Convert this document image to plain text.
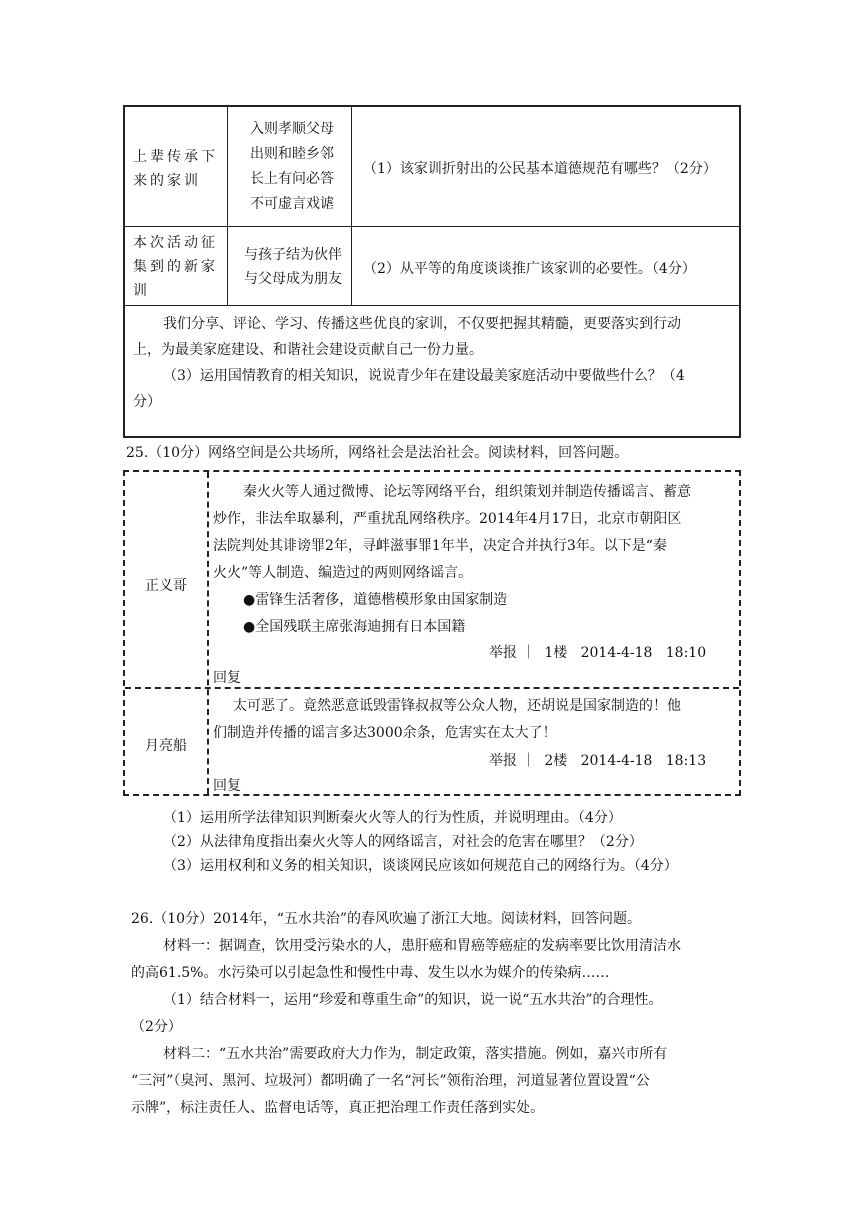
上辈传承下
来的家训
入则孝顺父母
出则和睦乡邻
长上有问必答
不可虚言戏谑
（1）该家训折射出的公民基本道德规范有哪些？（2分）
本次活动征
集到的新家
训
与孩子结为伙伴
与父母成为朋友
（2）从平等的角度谈谈推广该家训的必要性。（4分）
我们分享、评论、学习、传播这些优良的家训，不仅要把握其精髓，更要落实到行动
上，为最美家庭建设、和谐社会建设贡献自己一份力量。
（3）运用国情教育的相关知识，说说青少年在建设最美家庭活动中要做些什么？（4
分）
25.（10分）网络空间是公共场所，网络社会是法治社会。阅读材料，回答问题。
正义哥
秦火火等人通过微博、论坛等网络平台，组织策划并制造传播谣言、蓄意
炒作，非法牟取暴利，严重扰乱网络秩序。2014年4月17日，北京市朝阳区
法院判处其诽谤罪2年，寻衅滋事罪1年半，决定合并执行3年。以下是“秦
火火”等人制造、编造过的两则网络谣言。
●雷锋生活奢侈，道德楷模形象由国家制造
●全国残联主席张海迪拥有日本国籍
举报 ｜  1楼   2014-4-18   18:10
回复
月亮船
太可恶了。竟然恶意诋毁雷锋叔叔等公众人物，还胡说是国家制造的！他
们制造并传播的谣言多达3000余条，危害实在太大了！
举报 ｜  2楼   2014-4-18   18:13
回复
（1）运用所学法律知识判断秦火火等人的行为性质，并说明理由。（4分）
（2）从法律角度指出秦火火等人的网络谣言，对社会的危害在哪里？（2分）
（3）运用权利和义务的相关知识，谈谈网民应该如何规范自己的网络行为。（4分）
26.（10分）2014年，“五水共治”的春风吹遍了浙江大地。阅读材料，回答问题。
材料一：据调查，饮用受污染水的人，患肝癌和胃癌等癌症的发病率要比饮用清洁水
的高61.5%。水污染可以引起急性和慢性中毒、发生以水为媒介的传染病……
（1）结合材料一，运用“珍爱和尊重生命”的知识，说一说“五水共治”的合理性。
（2分）
材料二：“五水共治”需要政府大力作为，制定政策，落实措施。例如，嘉兴市所有
“三河”（臭河、黑河、垃圾河）都明确了一名“河长”领衔治理，河道显著位置设置“公
示牌”，标注责任人、监督电话等，真正把治理工作责任落到实处。
